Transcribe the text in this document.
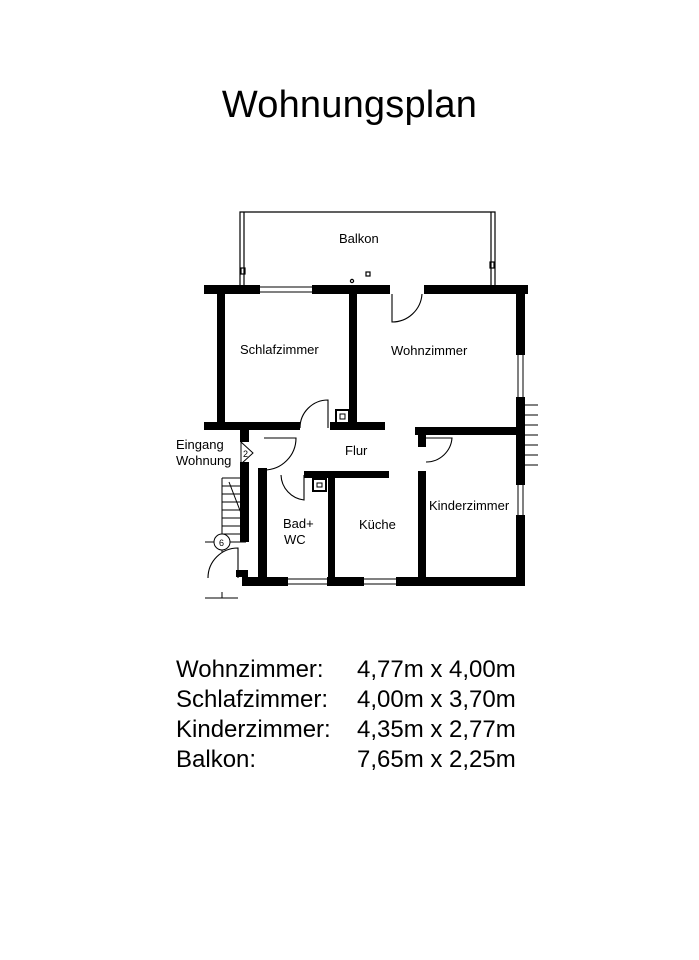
Wohnungsplan
Schlafzimmer	Wohnzimmer
Balkon
Flur
Kinderzimmer
Küche
Bad+
WC
Eingang
Wohnung 2
6
Wohnzimmer: 4,77m x 4,00m
Schlafzimmer: 4,00m x 3,70m
Kinderzimmer: 4,35m x 2,77m
Balkon:	7,65m x 2,25m
